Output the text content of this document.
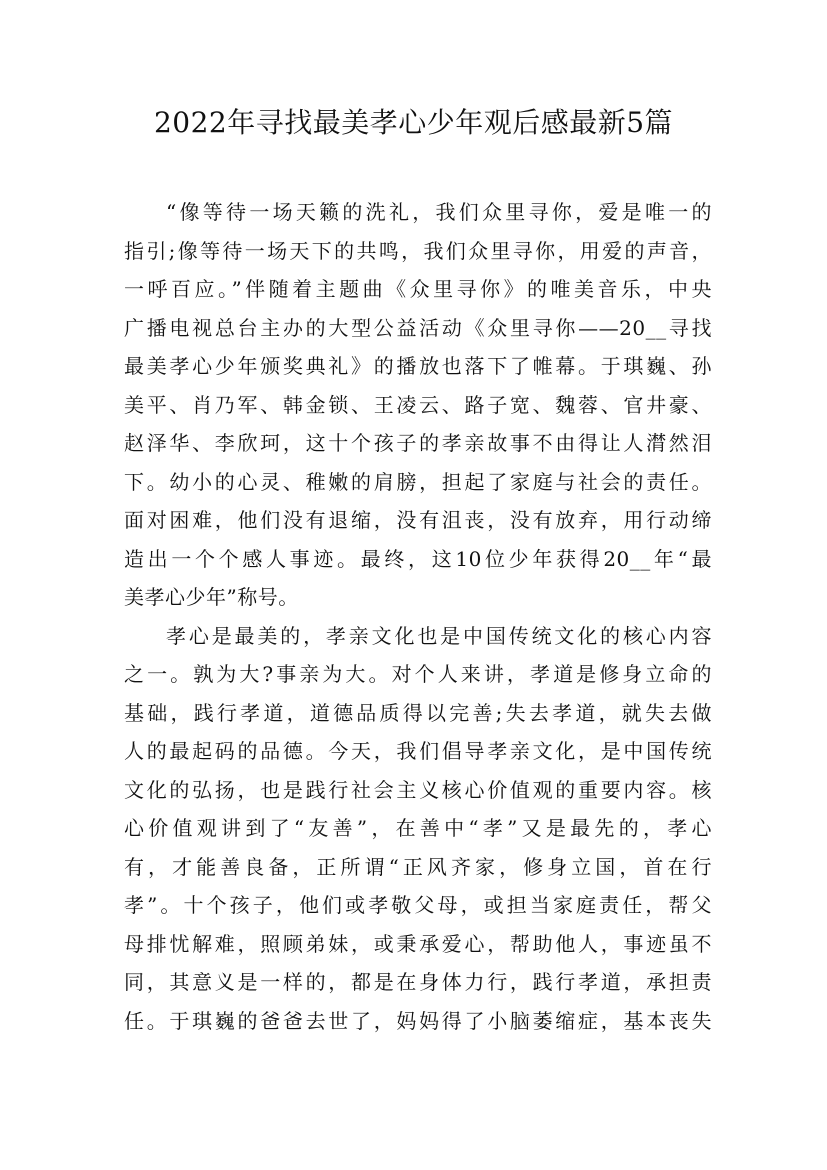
2022年寻找最美孝心少年观后感最新5篇
“像等待一场天籁的洗礼，我们众里寻你，爱是唯一的
指引;像等待一场天下的共鸣，我们众里寻你，用爱的声音，
一呼百应。”伴随着主题曲《众里寻你》的唯美音乐，中央
广播电视总台主办的大型公益活动《众里寻你——20__寻找
最美孝心少年颁奖典礼》的播放也落下了帷幕。于琪巍、孙
美平、肖乃军、韩金锁、王凌云、路子宽、魏蓉、官井豪、
赵泽华、李欣珂，这十个孩子的孝亲故事不由得让人潸然泪
下。幼小的心灵、稚嫩的肩膀，担起了家庭与社会的责任。
面对困难，他们没有退缩，没有沮丧，没有放弃，用行动缔
造出一个个感人事迹。最终，这10位少年获得20__年“最
美孝心少年”称号。
孝心是最美的，孝亲文化也是中国传统文化的核心内容
之一。孰为大?事亲为大。对个人来讲，孝道是修身立命的
基础，践行孝道，道德品质得以完善;失去孝道，就失去做
人的最起码的品德。今天，我们倡导孝亲文化，是中国传统
文化的弘扬，也是践行社会主义核心价值观的重要内容。核
心价值观讲到了“友善”，在善中“孝”又是最先的，孝心
有，才能善良备，正所谓“正风齐家，修身立国，首在行
孝”。十个孩子，他们或孝敬父母，或担当家庭责任，帮父
母排忧解难，照顾弟妹，或秉承爱心，帮助他人，事迹虽不
同，其意义是一样的，都是在身体力行，践行孝道，承担责
任。于琪巍的爸爸去世了，妈妈得了小脑萎缩症，基本丧失
